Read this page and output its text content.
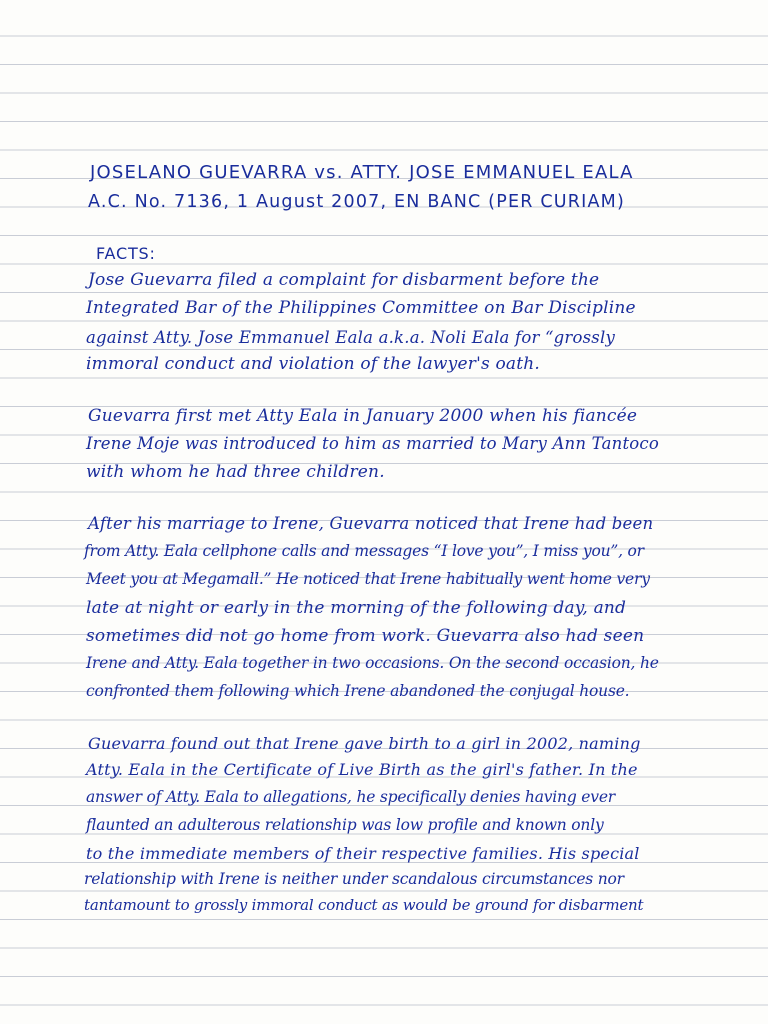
JOSELANO GUEVARRA vs. ATTY. JOSE EMMANUEL EALA
A.C. No. 7136, 1 August 2007, EN BANC (PER CURIAM)
FACTS:
Jose Guevarra filed a complaint for disbarment before the
Integrated Bar of the Philippines Committee on Bar Discipline
against Atty. Jose Emmanuel Eala a.k.a. Noli Eala for “grossly
immoral conduct and violation of the lawyer's oath.
Guevarra first met Atty Eala in January 2000 when his fiancée
Irene Moje was introduced to him as married to Mary Ann Tantoco
with whom he had three children.
After his marriage to Irene, Guevarra noticed that Irene had been
from Atty. Eala cellphone calls and messages “I love you”, I miss you”, or
Meet you at Megamall.” He noticed that Irene habitually went home very
late at night or early in the morning of the following day, and
sometimes did not go home from work. Guevarra also had seen
Irene and Atty. Eala together in two occasions. On the second occasion, he
confronted them following which Irene abandoned the conjugal house.
Guevarra found out that Irene gave birth to a girl in 2002, naming
Atty. Eala in the Certificate of Live Birth as the girl's father. In the
answer of Atty. Eala to allegations, he specifically denies having ever
flaunted an adulterous relationship was low profile and known only
to the immediate members of their respective families. His special
relationship with Irene is neither under scandalous circumstances nor
tantamount to grossly immoral conduct as would be ground for disbarment
